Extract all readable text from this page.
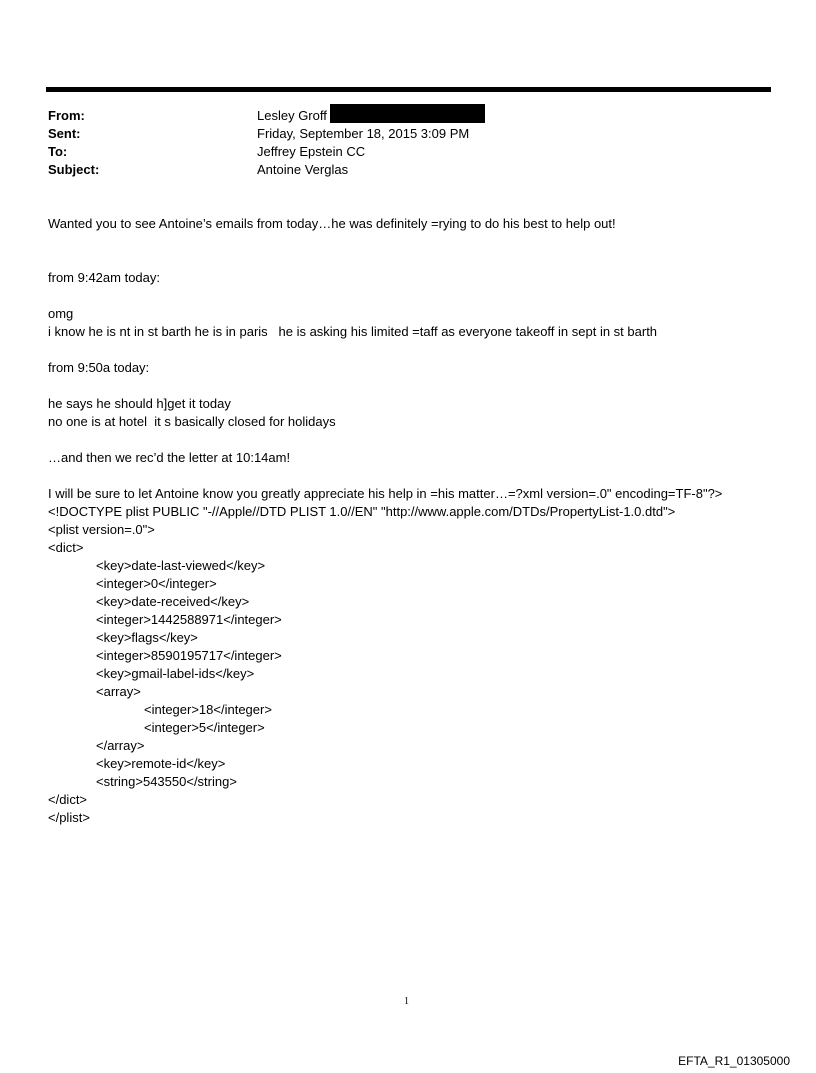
From:	Lesley Groff
Sent:	Friday, September 18, 2015 3:09 PM
To:	Jeffrey Epstein CC
Subject:	Antoine Verglas
Wanted you to see Antoine’s emails from today…he was definitely =rying to do his best to help out!
from 9:42am today:
omg
i know he is nt in st barth he is in paris   he is asking his limited =taff as everyone takeoff in sept in st barth
from 9:50a today:
he says he should h]get it today
no one is at hotel  it s basically closed for holidays
…and then we rec’d the letter at 10:14am!
I will be sure to let Antoine know you greatly appreciate his help in =his matter…=?xml version=.0" encoding=TF-8"?>
<!DOCTYPE plist PUBLIC "-//Apple//DTD PLIST 1.0//EN" "http://www.apple.com/DTDs/PropertyList-1.0.dtd">
<plist version=.0">
<dict>
<key>date-last-viewed</key>
<integer>0</integer>
<key>date-received</key>
<integer>1442588971</integer>
<key>flags</key>
<integer>8590195717</integer>
<key>gmail-label-ids</key>
<array>
<integer>18</integer>
<integer>5</integer>
</array>
<key>remote-id</key>
<string>543550</string>
</dict>
</plist>
1
EFTA_R1_01305000
